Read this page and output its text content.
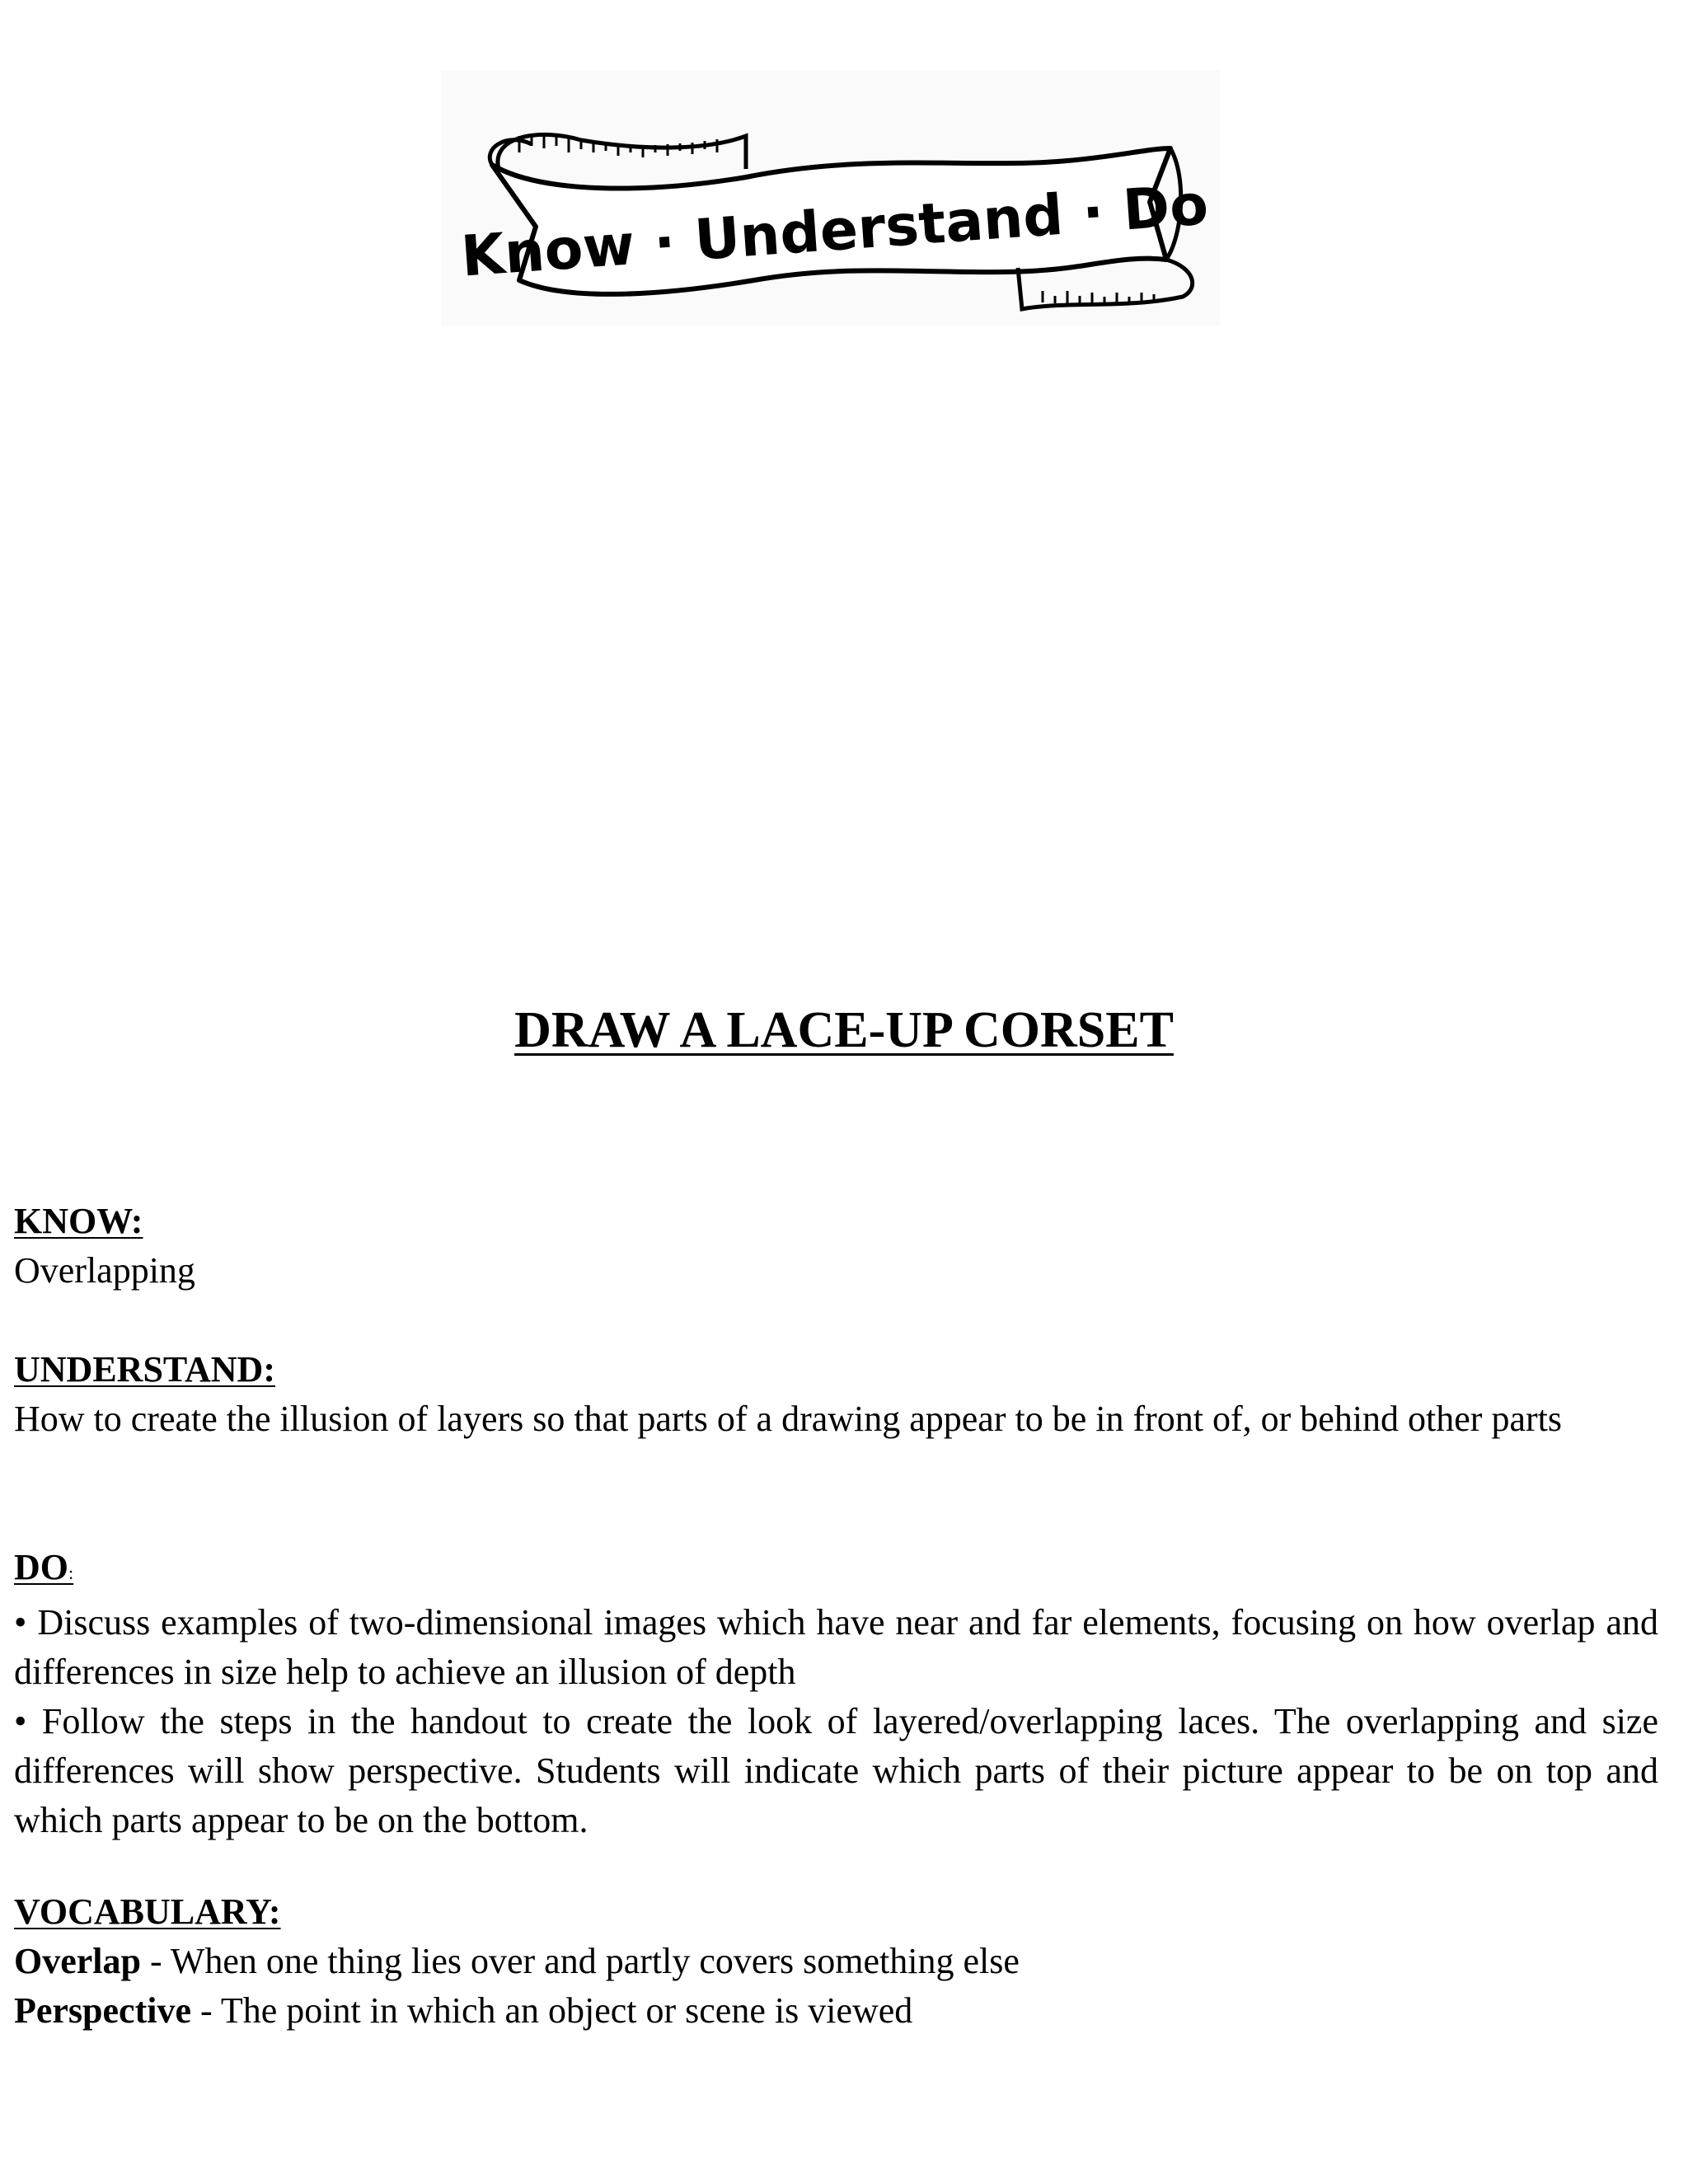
Know · Understand · Do
DRAW A LACE-UP CORSET
KNOW:
Overlapping
UNDERSTAND:
How to create the illusion of layers so that parts of a drawing appear to be in front of, or behind other parts
DO:
• Discuss examples of two-dimensional images which have near and far elements, focusing on how overlap and differences in size help to achieve an illusion of depth
• Follow the steps in the handout to create the look of layered/overlapping laces. The overlapping and size differences will show perspective. Students will indicate which parts of their picture appear to be on top and which parts appear to be on the bottom.
VOCABULARY:
Overlap - When one thing lies over and partly covers something else
Perspective - The point in which an object or scene is viewed
